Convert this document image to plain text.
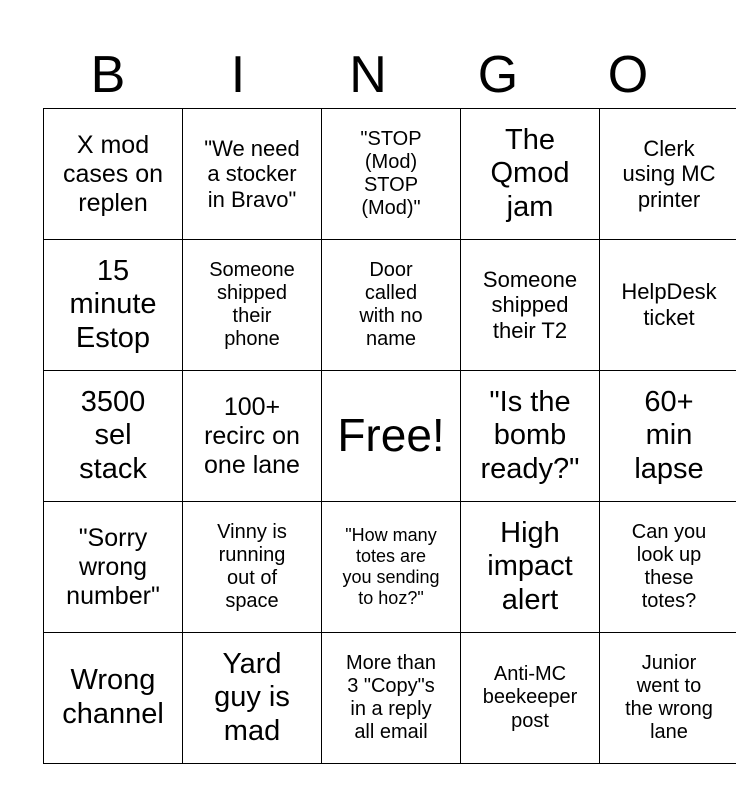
B	I	N	G	O
X mod
cases on
replen	"We need
a stocker
in Bravo"	"STOP
(Mod)
STOP
(Mod)"	The
Qmod
jam	Clerk
using MC
printer
15
minute
Estop	Someone
shipped
their
phone	Door
called
with no
name	Someone
shipped
their T2	HelpDesk
ticket
3500
sel
stack	100+
recirc on
one lane	Free!	"Is the
bomb
ready?"	60+
min
lapse
"Sorry
wrong
number"	Vinny is
running
out of
space	"How many
totes are
you sending
to hoz?"	High
impact
alert	Can you
look up
these
totes?
Wrong
channel	Yard
guy is
mad	More than
3 "Copy"s
in a reply
all email	Anti-MC
beekeeper
post	Junior
went to
the wrong
lane
